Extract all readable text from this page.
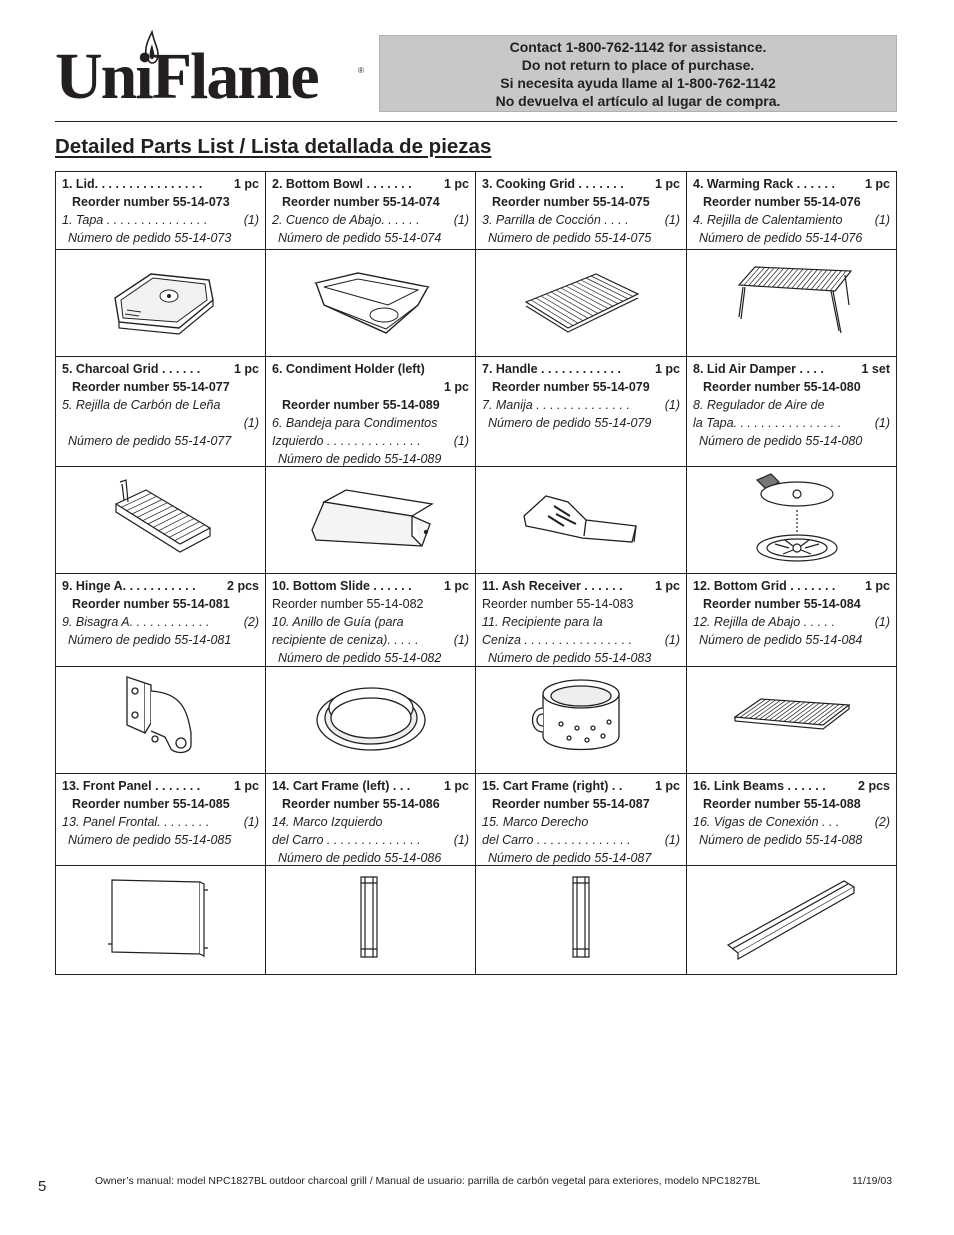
UniFlame	®
Contact 1-800-762-1142 for assistance.
Do not return to place of purchase.
Si necesita ayuda llame al 1-800-762-1142
No devuelva el artículo al lugar de compra.
Detailed Parts List / Lista detallada de piezas
1. Lid. . . . . . . . . . . . . . . .	1 pc
Reorder number 55-14-073
1. Tapa . . . . . . . . . . . . . . .	(1)
Número de pedido 55-14-073
2. Bottom Bowl . . . . . . .	1 pc
Reorder number 55-14-074
2. Cuenco de Abajo. . . . . .	(1)
Número de pedido 55-14-074
3. Cooking Grid . . . . . . .	1 pc
Reorder number 55-14-075
3. Parrilla de Cocción . . . .	(1)
Número de pedido 55-14-075
4. Warming Rack . . . . . . 1 pc
Reorder number 55-14-076
4. Rejilla de Calentamiento	(1)
Número de pedido 55-14-076
5. Charcoal Grid . . . . . .	1 pc
Reorder number 55-14-077
5. Rejilla de Carbón de Leña
(1)
Número de pedido 55-14-077
6. Condiment Holder (left)
1 pc
Reorder number 55-14-089
6. Bandeja para Condimentos
Izquierdo . . . . . . . . . . . . . .	(1)
Número de pedido 55-14-089
7. Handle . . . . . . . . . . . .	1 pc
Reorder number 55-14-079
7. Manija . . . . . . . . . . . . . .	(1)
Número de pedido 55-14-079
8. Lid Air Damper . . . .	1 set
Reorder number 55-14-080
8. Regulador de Aire de
la Tapa. . . . . . . . . . . . . . . .	(1)
Número de pedido 55-14-080
9. Hinge A. . . . . . . . . . .	2 pcs
Reorder number 55-14-081
9. Bisagra A. . . . . . . . . . . .	(2)
Número de pedido 55-14-081
10. Bottom Slide . . . . . .	1 pc
Reorder number 55-14-082
10. Anillo de Guía (para
recipiente de ceniza). . . . .	(1)
Número de pedido 55-14-082
11. Ash Receiver . . . . . .	1 pc
Reorder number 55-14-083
11. Recipiente para la
Ceniza . . . . . . . . . . . . . . . .	(1)
Número de pedido 55-14-083
12. Bottom Grid . . . . . . . 1 pc
Reorder number 55-14-084
12. Rejilla de Abajo . . . . .	(1)
Número de pedido 55-14-084
13. Front Panel . . . . . . .	1 pc
Reorder number 55-14-085
13. Panel Frontal. . . . . . . .	(1)
Número de pedido 55-14-085
14. Cart Frame (left) . . .	1 pc
Reorder number 55-14-086
14. Marco Izquierdo
del Carro . . . . . . . . . . . . . .	(1)
Número de pedido 55-14-086
15. Cart Frame (right) . .	1 pc
Reorder number 55-14-087
15. Marco Derecho
del Carro . . . . . . . . . . . . . .	(1)
Número de pedido 55-14-087
16. Link Beams . . . . . .	2 pcs
Reorder number 55-14-088
16. Vigas de Conexión . . .	(2)
Número de pedido 55-14-088
5	Owner’s manual: model NPC1827BL outdoor charcoal grill / Manual de usuario: parrilla de carbón vegetal para exteriores, modelo NPC1827BL	11/19/03
